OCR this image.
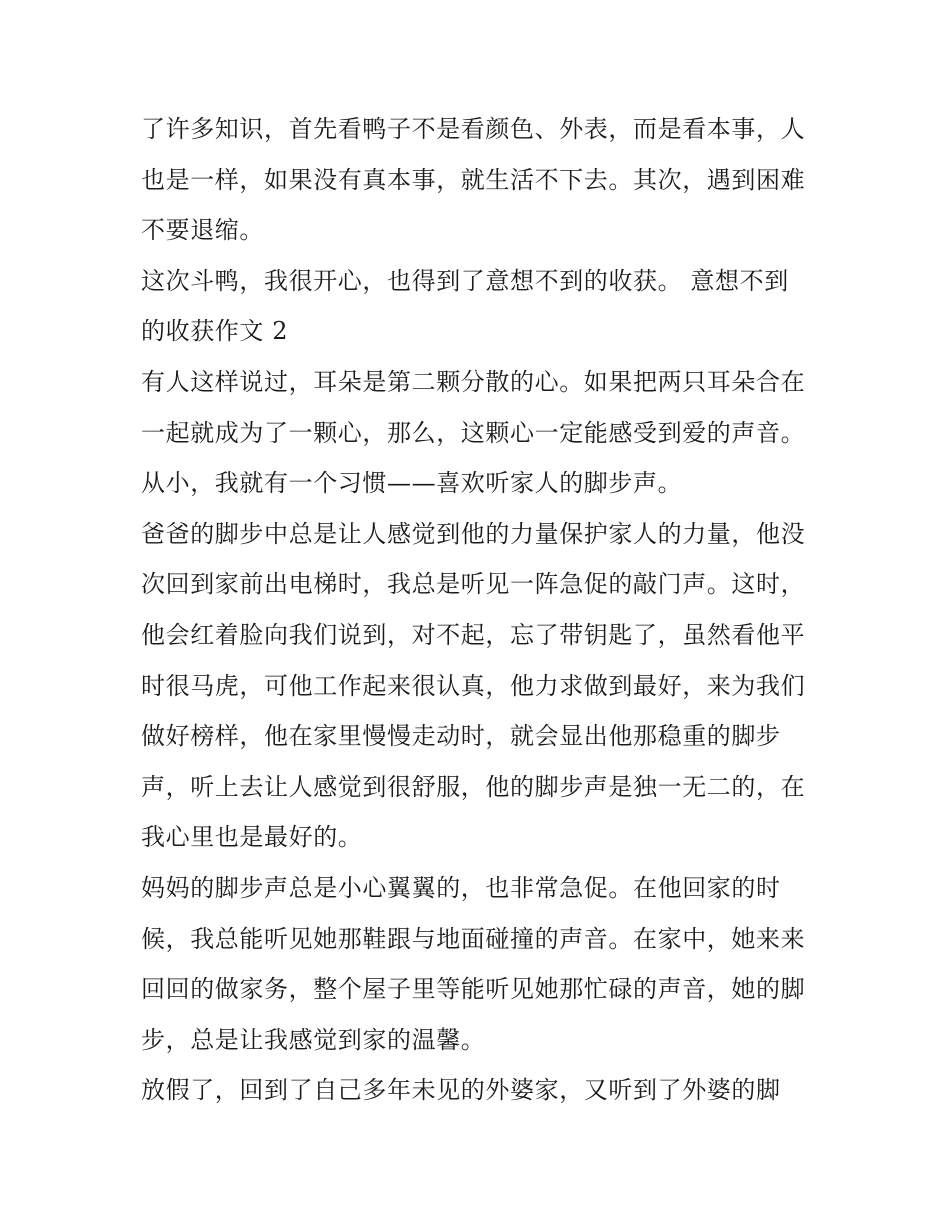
了许多知识，首先看鸭子不是看颜色、外表，而是看本事，人
也是一样，如果没有真本事，就生活不下去。其次，遇到困难
不要退缩。
这次斗鸭，我很开心，也得到了意想不到的收获。 意想不到
的收获作文 2
有人这样说过，耳朵是第二颗分散的心。如果把两只耳朵合在
一起就成为了一颗心，那么，这颗心一定能感受到爱的声音。
从小，我就有一个习惯——喜欢听家人的脚步声。
爸爸的脚步中总是让人感觉到他的力量保护家人的力量，他没
次回到家前出电梯时，我总是听见一阵急促的敲门声。这时，
他会红着脸向我们说到，对不起，忘了带钥匙了，虽然看他平
时很马虎，可他工作起来很认真，他力求做到最好，来为我们
做好榜样，他在家里慢慢走动时，就会显出他那稳重的脚步
声，听上去让人感觉到很舒服，他的脚步声是独一无二的，在
我心里也是最好的。
妈妈的脚步声总是小心翼翼的，也非常急促。在他回家的时
候，我总能听见她那鞋跟与地面碰撞的声音。在家中，她来来
回回的做家务，整个屋子里等能听见她那忙碌的声音，她的脚
步，总是让我感觉到家的温馨。
放假了，回到了自己多年未见的外婆家，又听到了外婆的脚
